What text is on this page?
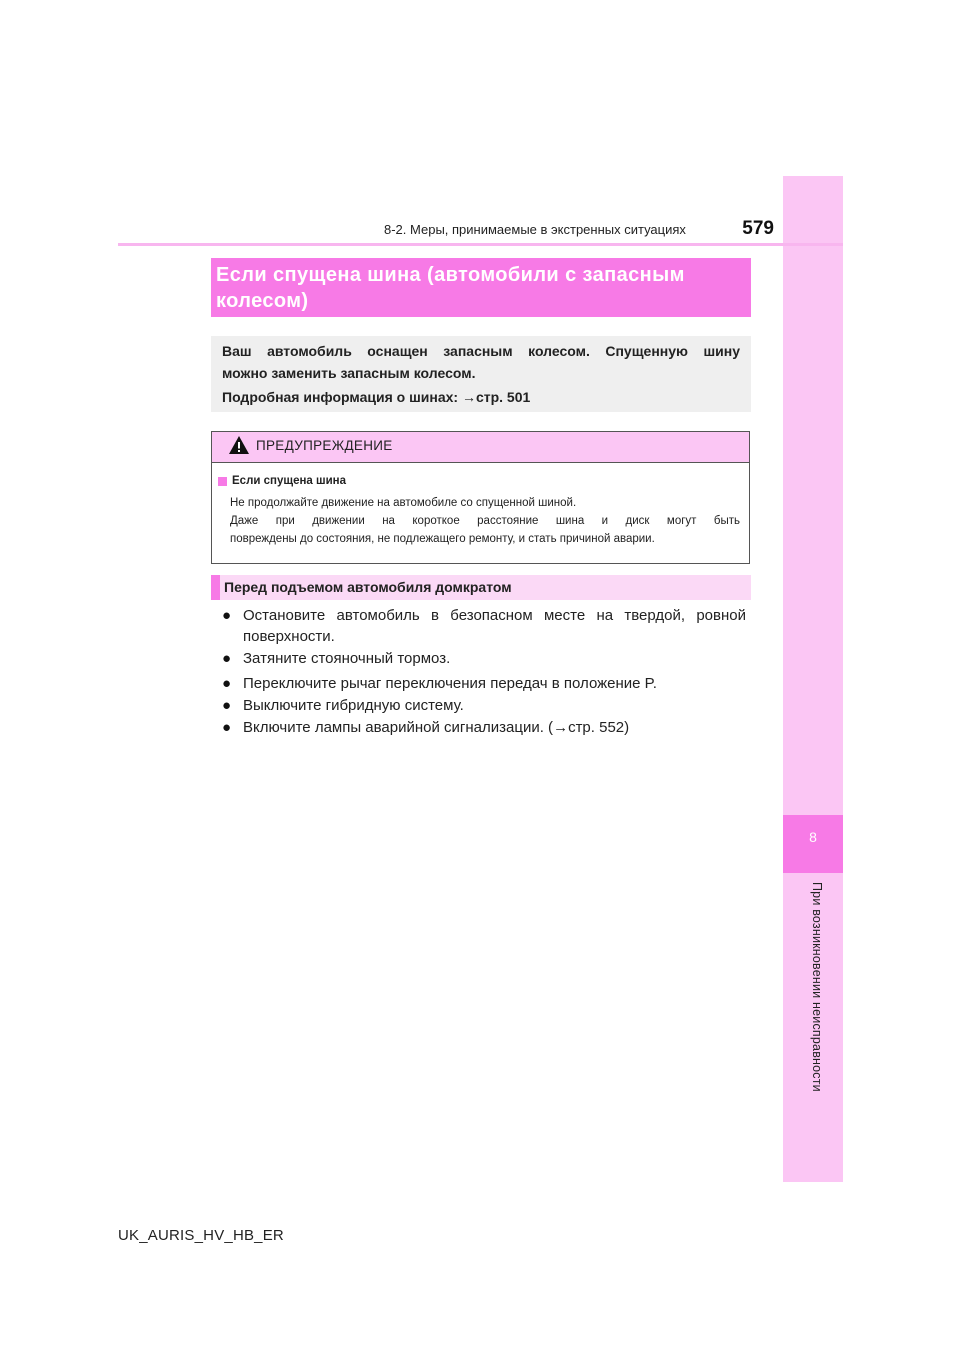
8
При возникновении неисправности
8-2. Меры, принимаемые в экстренных ситуациях	579
Если спущена шина (автомобили с запасным
колесом)
Ваш автомобиль оснащен запасным колесом. Спущенную шину
можно заменить запасным колесом.
Подробная информация о шинах: →стр. 501
ПРЕДУПРЕЖДЕНИЕ
Если спущена шина
Не продолжайте движение на автомобиле со спущенной шиной.
Даже при движении на короткое расстояние шина и диск могут быть
повреждены до состояния, не подлежащего ремонту, и стать причиной аварии.
Перед подъемом автомобиля домкратом
● Остановите автомобиль в безопасном месте на твердой, ровной
поверхности.
● Затяните стояночный тормоз.
● Переключите рычаг переключения передач в положение P.
● Выключите гибридную систему.
● Включите лампы аварийной сигнализации. (→стр. 552)
UK_AURIS_HV_HB_ER
